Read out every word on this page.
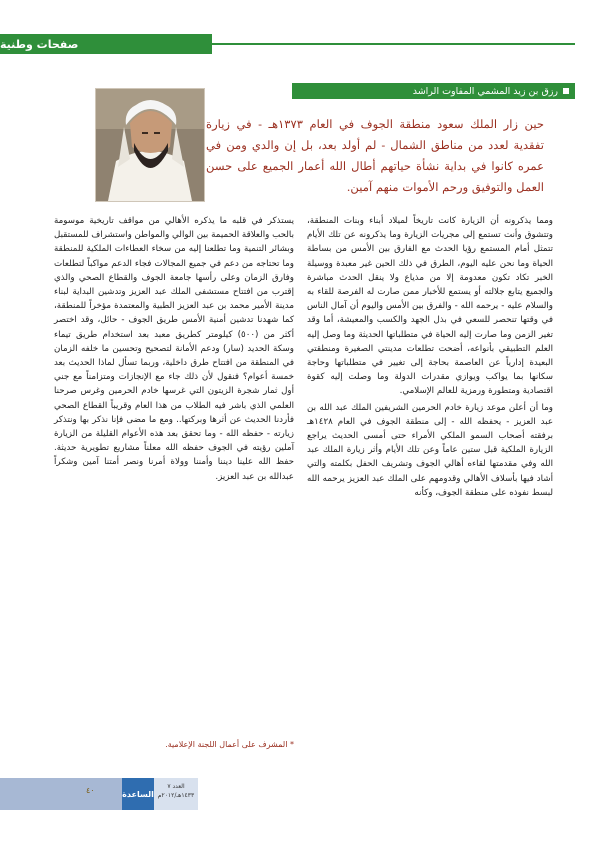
صفحات وطنية
رزق بن زيد المشمي المفاوت الراشد
حين زار الملك سعود منطقة الجوف في العام ١٣٧٣هـ - في زيارة تفقدية لعدد من مناطق الشمال - لم أولد بعد، بل إن والدي ومن في عمره كانوا في بداية نشأة حياتهم أطال الله أعمار الجميع على حسن العمل والتوفيق ورحم الأموات منهم آمين.

ومما يذكرونه أن الزيارة كانت تاريخاً لميلاد أبناء وبنات المنطقة، وتتشوق وأنت تستمع إلى مجريات الزيارة وما يذكرونه عن تلك الأيام تتمثل أمام المستمع رؤيا الحدث مع الفارق بين الأمس من بساطة الحياة وما نحن عليه اليوم، الطرق في ذلك الحين غير معبدة ووسيلة الخبر تكاد تكون معدومة إلا من مذياع ولا ينقل الحدث مباشرة والجميع يتابع جلالته أو يستمع للأخبار ممن صارت له الفرصة للقاء به والسلام عليه - يرحمه الله - والفرق بين الأمس واليوم أن آمال الناس في وقتها تنحصر للسعي في بذل الجهد والكسب والمعيشة، أما وقد تغير الزمن وما صارت إليه الحياة في متطلباتها الحديثة وما وصل إليه العلم التطبيقي بأنواعه، أضحت تطلعات مدينتي الصغيرة ومنطقتي البعيدة إدارياً عن العاصمة بحاجة إلى تغيير في متطلباتها وحاجة سكانها بما يواكب ويوازي مقدرات الدولة وما وصلت إليه كقوة اقتصادية ومتطورة ورمزية للعالم الإسلامي.

وما أن أعلن موعد زيارة خادم الحرمين الشريفين الملك عبد الله بن عبد العزيز - يحفظه الله - إلى منطقة الجوف في العام ١٤٢٨هـ برفقته أصحاب السمو الملكي الأمراء حتى أمسى الحديث يراجع الزيارة الملكية قبل ستين عاماً وعن تلك الأيام وأثر زيارة الملك عبد الله وفي مقدمتها لقاءه أهالي الجوف وتشريف الحفل بكلمته والتي أشاد فيها بأسلاف الأهالي وقدومهم على الملك عبد العزيز يرحمه الله لبسط نفوذه على منطقة الجوف، وكأنه

يستذكر في قلبه ما يذكره الأهالي من مواقف تاريخية موسومة بالحب والعلاقة الحميمة بين الوالي والمواطن واستشراف للمستقبل وبشائر التنمية وما تطلعنا إليه من سخاء العطاءات الملكية للمنطقة وما تحتاجه من دعم في جميع المجالات فجاء الدعم مواكباً لتطلعات وفارق الزمان وعلى رأسها جامعة الجوف والقطاع الصحي والذي إقترب من افتتاح مستشفى الملك عبد العزيز وتدشين البداية لبناء مدينة الأمير محمد بن عبد العزيز الطبية والمعتمدة مؤخراً للمنطقة، كما شهدنا تدشين أمنية الأمس طريق الجوف - حائل، وقد اختصر أكثر من (٥٠٠) كيلومتر كطريق معبد بعد استخدام طريق تيماء وسكة الحديد (سار) ودعم الأمانة لتصحيح وتحسين ما خلفه الزمان في المنطقة من افتتاح طرق داخلية، وربما تسأل لماذا الحديث بعد خمسة أعوام؟ فنقول لأن ذلك جاء مع الإنجازات ومتزامناً مع جني أول ثمار شجرة الزيتون التي غرسها خادم الحرمين وغرس صرحنا العلمي الذي باشر فيه الطلاب من هذا العام وقريباً القطاع الصحي فأردنا الحديث عن أثرها وبركتها.. ومع ما مضى فإنا نذكر بها ونتذكر زيارته - حفظه الله - وما تحقق بعد هذه الأعوام القليلة من الزيارة آملين رؤيته في الجوف حفظه الله معلناً مشاريع تطويرية حديثة. حفظ الله علينا ديننا وأمننا وولاة أمرنا ونصر أمتنا آمين وشكراً عبدالله بن عبد العزيز.

* المشرف على أعمال اللجنة الإعلامية.
٤٠	الساعدة
العدد ٧
١٤٣٣هـ/٢٠١٢م
